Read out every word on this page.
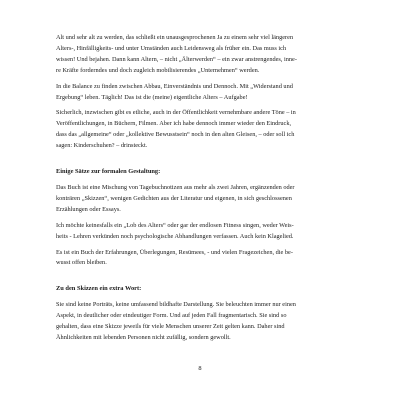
Alt und sehr alt zu werden, das schließt ein unausgesprochenen Ja zu einem sehr viel längeren
Alters-, Hinfälligkeits- und unter Umständen auch Leidensweg als früher ein. Das muss ich
wissen! Und bejahen. Dann kann Altern, – nicht „Älterwerden“ – ein zwar anstrengendes, inne-
re Kräfte forderndes und doch zugleich mobilisierendes „Unternehmen“ werden.

In die Balance zu finden zwischen Abbau, Einverständnis und Dennoch. Mit „Widerstand und
Ergebung“ leben. Täglich! Das ist die (meine) eigentliche Alters – Aufgabe!

Sicherlich, inzwischen gibt es etliche, auch in der Öffentlichkeit vernehmbare andere Töne – in
Veröffentlichungen, in Büchern, Filmen. Aber ich habe dennoch immer wieder den Eindruck,
dass das „allgemeine“ oder „kollektive Bewusstsein“ noch in den alten Gleisen, – oder soll ich
sagen: Kinderschuhen? – drinsteckt.

Einige Sätze zur formalen Gestaltung:

Das Buch ist eine Mischung von Tagebuchnotizen aus mehr als zwei Jahren, ergänzenden oder
konträren „Skizzen“, wenigen Gedichten aus der Literatur und eigenen, in sich geschlossenen
Erzählungen oder Essays.

Ich möchte keinesfalls ein „Lob des Alters“ oder gar der endlosen Fitness singen, weder Weis-
heits - Lehren verkünden noch psychologische Abhandlungen verfassen. Auch kein Klagelied.

Es ist ein Buch der Erfahrungen, Überlegungen, Resümees, - und vielen Fragezeichen, die be-
wusst offen bleiben.

Zu den Skizzen ein extra Wort:

Sie sind keine Porträts, keine umfassend bildhafte Darstellung. Sie beleuchten immer nur einen
Aspekt, in deutlicher oder eindeutiger Form. Und auf jeden Fall fragmentarisch. Sie sind so
gehalten, dass eine Skizze jeweils für viele Menschen unserer Zeit gelten kann. Daher sind
Ähnlichkeiten mit lebenden Personen nicht zufällig, sondern gewollt.

8
